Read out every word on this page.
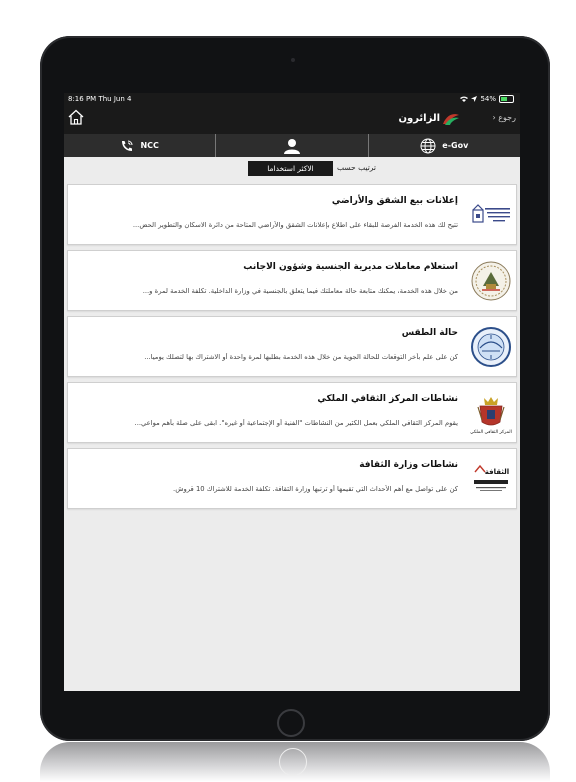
8:16 PM Thu Jun 4	54%
الزائرون	رجوع ‹
NCC	e-Gov
ترتيب حسب
الاكثر استخداما
إعلانات بيع الشقق والأراضي
تتيح لك هذه الخدمة الفرصة للبقاء على اطلاع بإعلانات الشقق والأراضي المتاحة من دائرة الاسكان والتطوير الحض...
استعلام معاملات مديرية الجنسية وشؤون الاجانب
من خلال هذه الخدمة، يمكنك متابعة حالة معاملتك فيما يتعلق بالجنسية في وزارة الداخلية. تكلفة الخدمة لمرة و...
حالة الطقس
كن على علم بأخر التوقعات للحالة الجوية من خلال هذه الخدمة بطلبها لمرة واحدة أو الاشتراك بها لتصلك يوميا...
المركز الثقافي الملكي
نشاطات المركز الثقافي الملكي
يقوم المركز الثقافي الملكي بعمل الكثير من النشاطات "الفنية أو الإجتماعية أو غيره". ابقى على صلة بأهم مواعي...
الثقافة
نشاطات وزارة الثقافة
كن على تواصل مع أهم الأحداث التي تقيمها أو ترتبها وزارة الثقافة. تكلفة الخدمة للاشتراك 10 قروش.
